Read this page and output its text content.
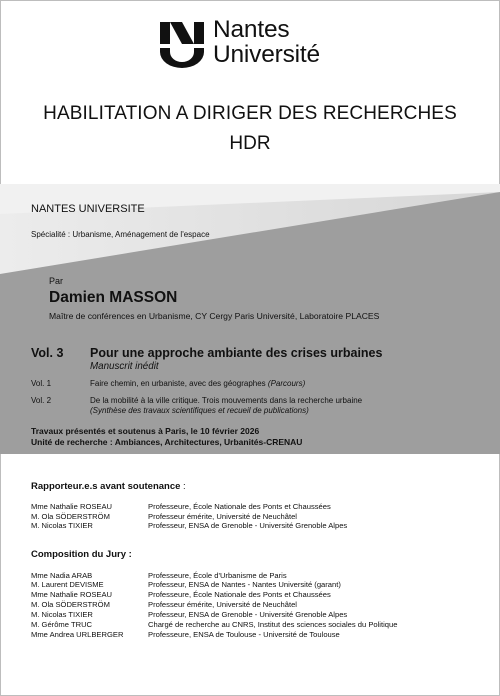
Nantes
Université
HABILITATION A DIRIGER DES RECHERCHES
HDR
NANTES UNIVERSITE
Spécialité : Urbanisme, Aménagement de l'espace
Par
Damien MASSON
Maître de conférences en Urbanisme, CY Cergy Paris Université, Laboratoire PLACES
Vol. 3 Pour une approche ambiante des crises urbaines
Manuscrit inédit
Vol. 1	Faire chemin, en urbaniste, avec des géographes (Parcours)
Vol. 2	De la mobilité à la ville critique. Trois mouvements dans la recherche urbaine
(Synthèse des travaux scientifiques et recueil de publications)
Travaux présentés et soutenus à Paris, le 10 février 2026
Unité de recherche : Ambiances, Architectures, Urbanités-CRENAU
Rapporteur.e.s avant soutenance :
Mme Nathalie ROSEAU	Professeure, École Nationale des Ponts et Chaussées
M. Ola SÖDERSTRÖM	Professeur émérite, Université de Neuchâtel
M. Nicolas TIXIER	Professeur, ENSA de Grenoble - Université Grenoble Alpes
Composition du Jury :
Mme Nadia ARAB	Professeure, École d'Urbanisme de Paris
M. Laurent DEVISME	Professeur, ENSA de Nantes - Nantes Université (garant)
Mme Nathalie ROSEAU	Professeure, École Nationale des Ponts et Chaussées
M. Ola SÖDERSTRÖM	Professeur émérite, Université de Neuchâtel
M. Nicolas TIXIER	Professeur, ENSA de Grenoble - Université Grenoble Alpes
M. Gérôme TRUC	Chargé de recherche au CNRS, Institut des sciences sociales du Politique
Mme Andrea URLBERGER	Professeure, ENSA de Toulouse - Université de Toulouse
